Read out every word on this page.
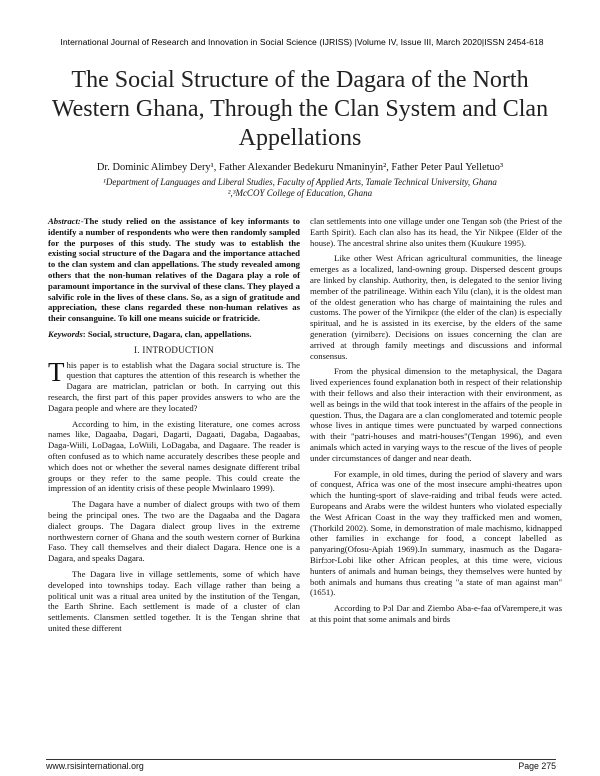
International Journal of Research and Innovation in Social Science (IJRISS) |Volume IV, Issue III, March 2020|ISSN 2454-618
The Social Structure of the Dagara of the North Western Ghana, Through the Clan System and Clan Appellations
Dr. Dominic Alimbey Dery¹, Father Alexander Bedekuru Nmaninyin², Father Peter Paul Yelletuo³
¹Department of Languages and Liberal Studies, Faculty of Applied Arts, Tamale Technical University, Ghana
²,³McCOY College of Education, Ghana

Abstract:-The study relied on the assistance of key informants to identify a number of respondents who were then randomly sampled for the purposes of this study. The study was to establish the existing social structure of the Dagara and the importance attached to the clan system and clan appellations. The study revealed among others that the non-human relatives of the Dagara play a role of paramount importance in the survival of these clans. They played a salvific role in the lives of these clans. So, as a sign of gratitude and appreciation, these clans regarded these non-human relatives as their consanguine. To kill one means suicide or fratricide.

Keywords: Social, structure, Dagara, clan, appellations.

I. INTRODUCTION

This paper is to establish what the Dagara social structure is. The question that captures the attention of this research is whether the Dagara are matriclan, patriclan or both. In carrying out this research, the first part of this paper provides answers to who are the Dagara people and where are they located?

According to him, in the existing literature, one comes across names like, Dagaaba, Dagari, Dagarti, Dagaati, Dagaba, Dagaabas, Daga-Wiili, LoDagaa, LoWiili, LoDagaba, and Dagaare. The reader is often confused as to which name accurately describes these people and which does not or whether the several names designate different tribal groups or they refer to the same people. This could create the impression of an identity crisis of these people Mwinlaaro 1999).

The Dagara have a number of dialect groups with two of them being the principal ones. The two are the Dagaaba and the Dagara dialect groups. The Dagara dialect group lives in the extreme northwestern corner of Ghana and the south western corner of Burkina Faso. They call themselves and their dialect Dagara. Hence one is a Dagara, and speaks Dagara.

The Dagara live in village settlements, some of which have developed into townships today. Each village rather than being a political unit was a ritual area united by the institution of the Tengan, the Earth Shrine. Each settlement is made of a cluster of clan settlements. Clansmen settled together. It is the Tengan shrine that united these different

clan settlements into one village under one Tengan sob (the Priest of the Earth Spirit). Each clan also has its head, the Yir Nikpee (Elder of the house). The ancestral shrine also unites them (Kuukure 1995).

Like other West African agricultural communities, the lineage emerges as a localized, land-owning group. Dispersed descent groups are linked by clanship. Authority, then, is delegated to the senior living member of the patrilineage. Within each Yilu (clan), it is the oldest man of the oldest generation who has charge of maintaining the rules and customs. The power of the Yirnikpɛɛ (the elder of the clan) is especially spiritual, and he is assisted in its exercise, by the elders of the same generation (yirnibɛrɛ). Decisions on issues concerning the clan are arrived at through family meetings and discussions and informal consensus.

From the physical dimension to the metaphysical, the Dagara lived experiences found explanation both in respect of their relationship with their fellows and also their interaction with their environment, as well as beings in the wild that took interest in the affairs of the people in question. Thus, the Dagara are a clan conglomerated and totemic people whose lives in antique times were punctuated by warped connections with their "patri-houses and matri-houses"(Tengan 1996), and even animals which acted in varying ways to the rescue of the lives of people under circumstances of danger and near death.

For example, in old times, during the period of slavery and wars of conquest, Africa was one of the most insecure amphi-theatres upon which the hunting-sport of slave-raiding and tribal feuds were acted. Europeans and Arabs were the wildest hunters who violated especially the West African Coast in the way they trafficked men and women, (Thorkild 2002). Some, in demonstration of male machismo, kidnapped other families in exchange for food, a concept labelled as panyaring(Ofosu-Apiah 1969).In summary, inasmuch as the Dagara-Birfɔɔr-Lobi like other African peoples, at this time were, vicious hunters of animals and human beings, they themselves were hunted by both animals and humans thus creating "a state of man against man" (1651).

According to Pɔl Dar and Ziembo Aba-e-faa ofVarempere,it was at this point that some animals and birds

www.rsisinternational.org	Page 275
